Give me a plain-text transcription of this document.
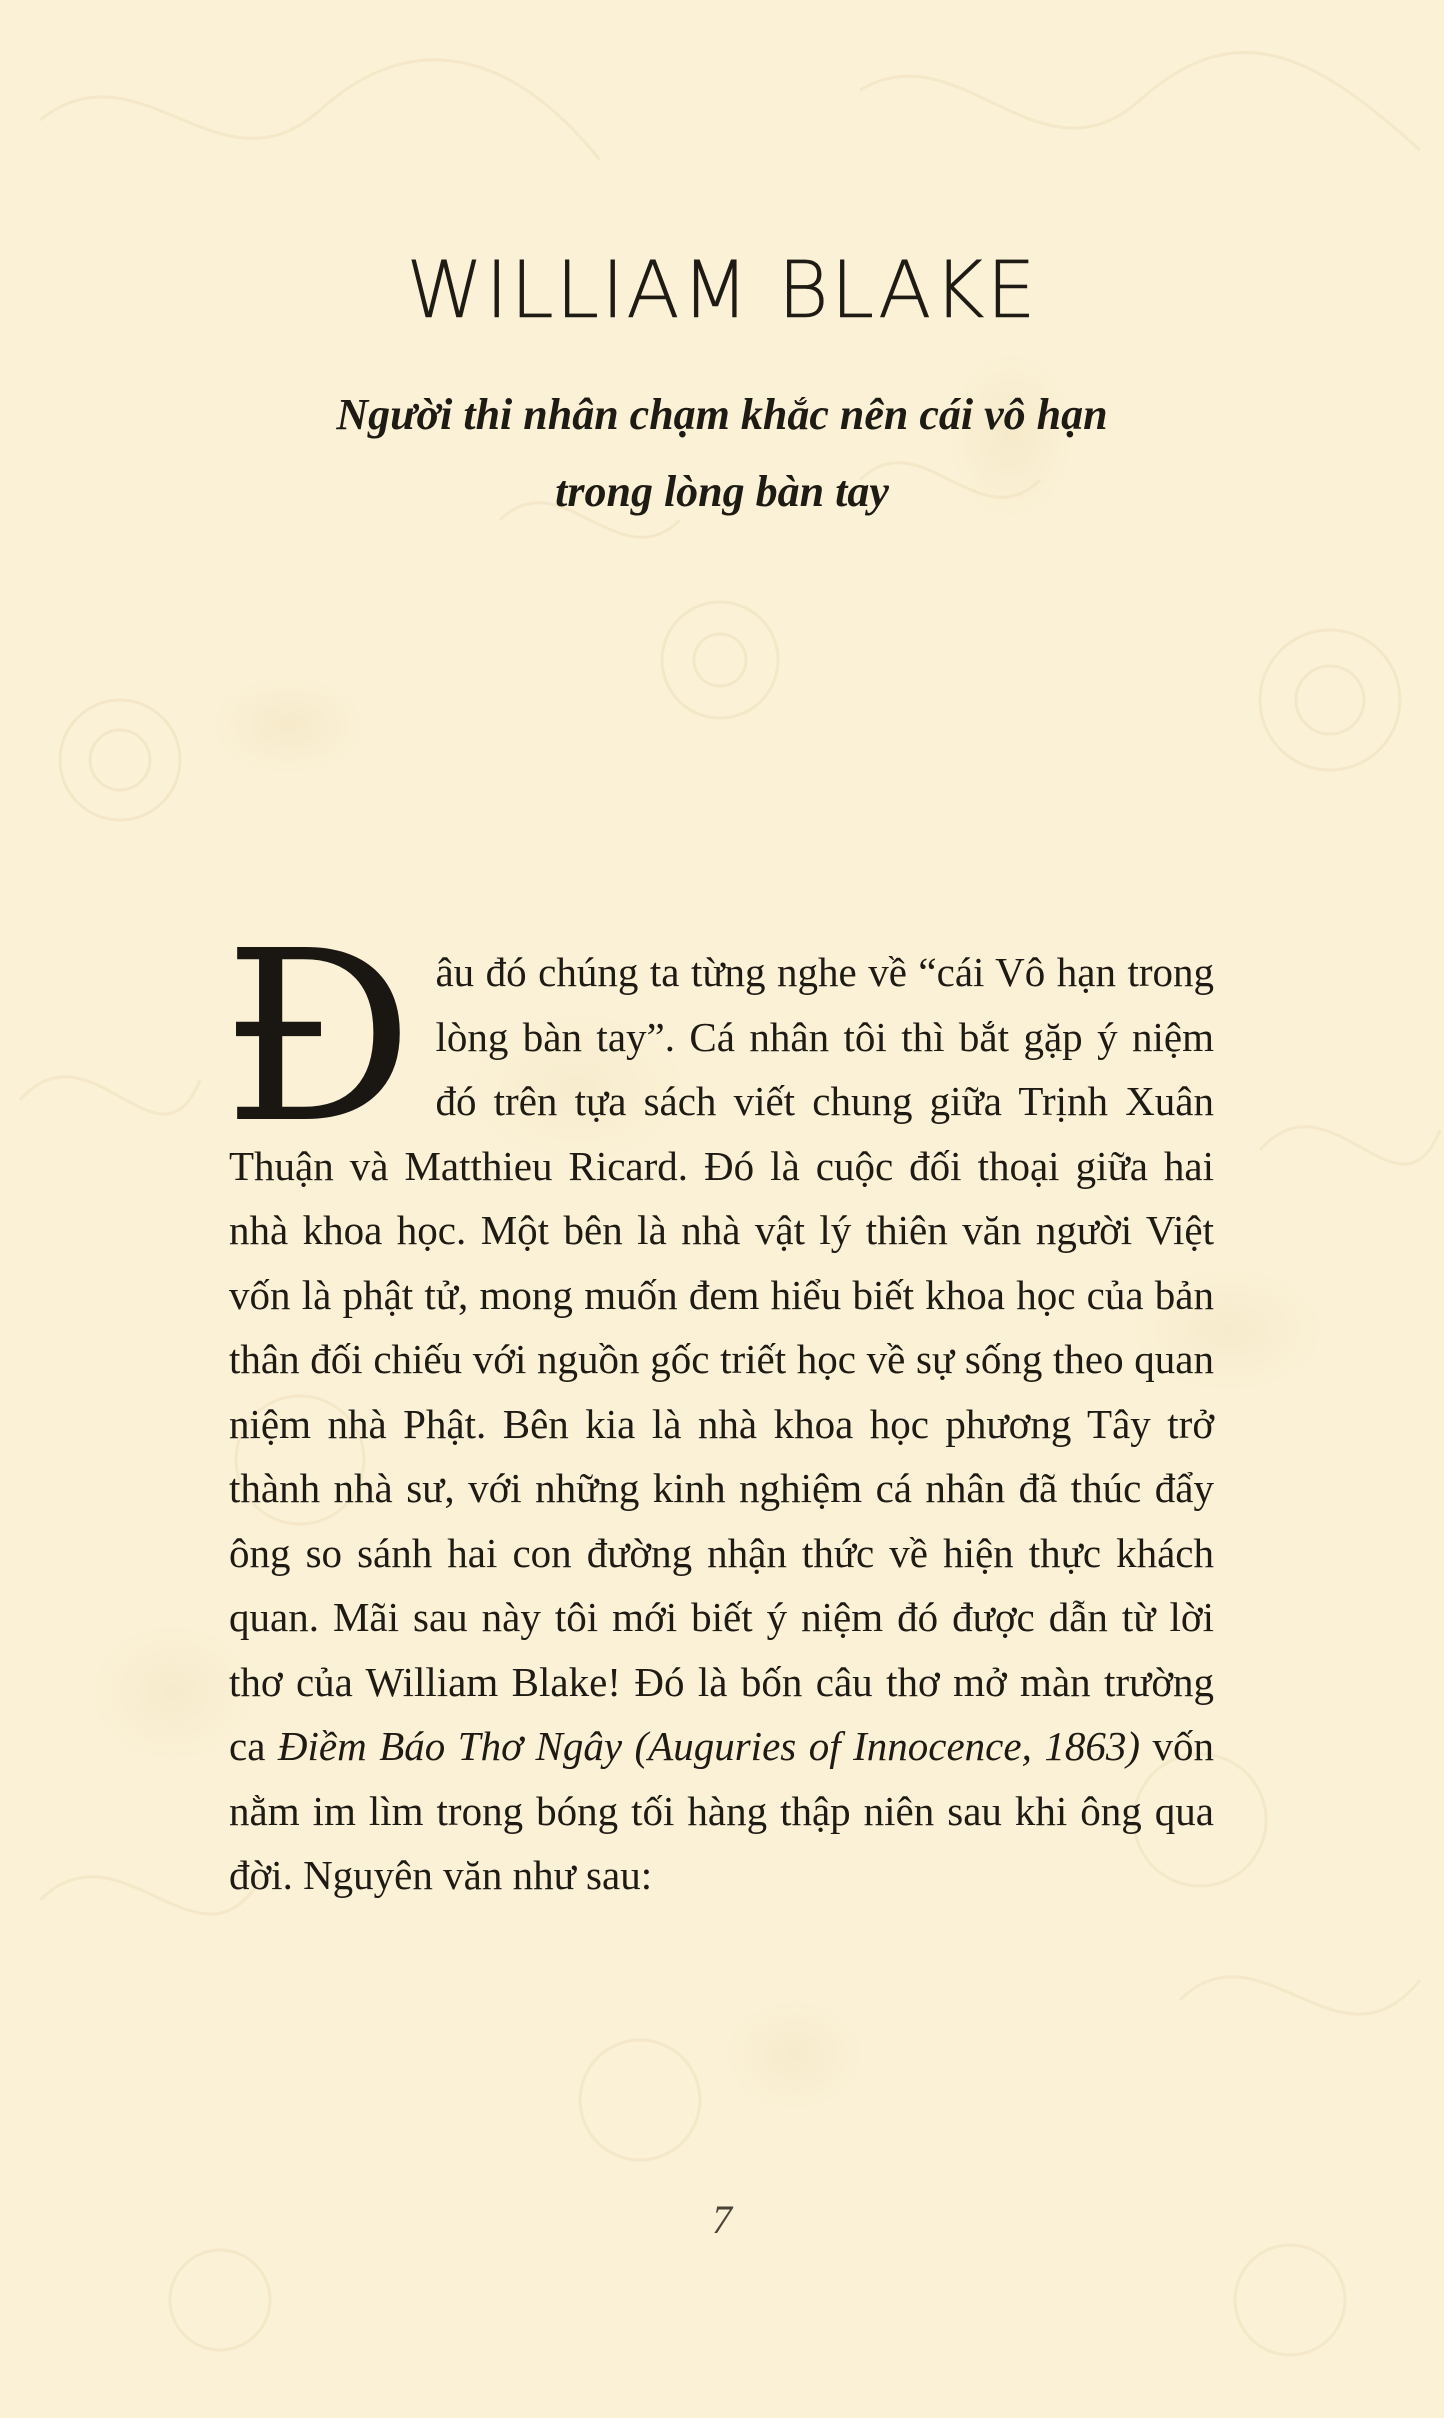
WILLIAM BLAKE
Người thi nhân chạm khắc nên cái vô hạn
trong lòng bàn tay

Đâu đó chúng ta từng nghe về “cái Vô hạn trong lòng bàn tay”. Cá nhân tôi thì bắt gặp ý niệm đó trên tựa sách viết chung giữa Trịnh Xuân Thuận và Matthieu Ricard. Đó là cuộc đối thoại giữa hai nhà khoa học. Một bên là nhà vật lý thiên văn người Việt vốn là phật tử, mong muốn đem hiểu biết khoa học của bản thân đối chiếu với nguồn gốc triết học về sự sống theo quan niệm nhà Phật. Bên kia là nhà khoa học phương Tây trở thành nhà sư, với những kinh nghiệm cá nhân đã thúc đẩy ông so sánh hai con đường nhận thức về hiện thực khách quan. Mãi sau này tôi mới biết ý niệm đó được dẫn từ lời thơ của William Blake! Đó là bốn câu thơ mở màn trường ca Điềm Báo Thơ Ngây (Auguries of Innocence, 1863) vốn nằm im lìm trong bóng tối hàng thập niên sau khi ông qua đời. Nguyên văn như sau:

7
